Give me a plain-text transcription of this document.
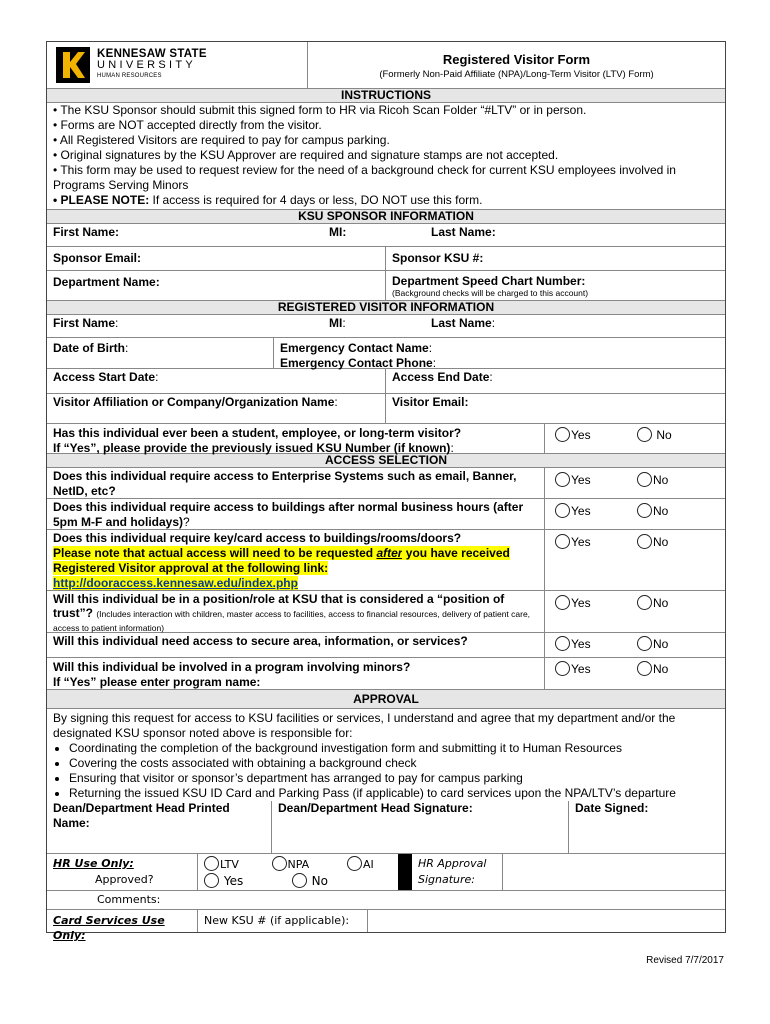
KENNESAW STATE
UNIVERSITY
HUMAN RESOURCES
Registered Visitor Form
(Formerly Non-Paid Affiliate (NPA)/Long-Term Visitor (LTV) Form)
INSTRUCTIONS
• The KSU Sponsor should submit this signed form to HR via Ricoh Scan Folder “#LTV” or in person.
• Forms are NOT accepted directly from the visitor.
• All Registered Visitors are required to pay for campus parking.
• Original signatures by the KSU Approver are required and signature stamps are not accepted.
• This form may be used to request review for the need of a background check for current KSU employees involved in Programs Serving Minors
• PLEASE NOTE: If access is required for 4 days or less, DO NOT use this form.
KSU SPONSOR INFORMATION
First Name:	MI:	Last Name:
Sponsor Email:	Sponsor KSU #:
Department Name:	Department Speed Chart Number:
(Background checks will be charged to this account)
REGISTERED VISITOR INFORMATION
First Name:	MI:	Last Name:
Date of Birth:	Emergency Contact Name:
Emergency Contact Phone:
Access Start Date:	Access End Date:
Visitor Affiliation or Company/Organization Name:	Visitor Email:
Has this individual ever been a student, employee, or long-term visitor?
If “Yes”, please provide the previously issued KSU Number (if known):
Yes	No
ACCESS SELECTION
Does this individual require access to Enterprise Systems such as email, Banner, NetID, etc?
Yes	No
Does this individual require access to buildings after normal business hours (after 5pm M-F and holidays)?
Yes	No
Does this individual require key/card access to buildings/rooms/doors?
Please note that actual access will need to be requested after you have received Registered Visitor approval at the following link:
http://dooraccess.kennesaw.edu/index.php
Yes	No
Will this individual be in a position/role at KSU that is considered a “position of trust”? (Includes interaction with children, master access to facilities, access to financial resources, delivery of patient care, access to patient information)
Yes	No
Will this individual need access to secure area, information, or services?	Yes	No
Will this individual be involved in a program involving minors?
If “Yes” please enter program name:
Yes	No
APPROVAL
By signing this request for access to KSU facilities or services, I understand and agree that my department and/or the designated KSU sponsor noted above is responsible for:
• Coordinating the completion of the background investigation form and submitting it to Human Resources
• Covering the costs associated with obtaining a background check
• Ensuring that visitor or sponsor’s department has arranged to pay for campus parking
• Returning the issued KSU ID Card and Parking Pass (if applicable) to card services upon the NPA/LTV’s departure
Dean/Department Head Printed Name:
Dean/Department Head Signature:	Date Signed:
HR Use Only:
Approved?
LTV	NPA	AI
Yes	No
HR Approval
Signature:
Comments:
Card Services Use Only:
New KSU # (if applicable):
Revised 7/7/2017
